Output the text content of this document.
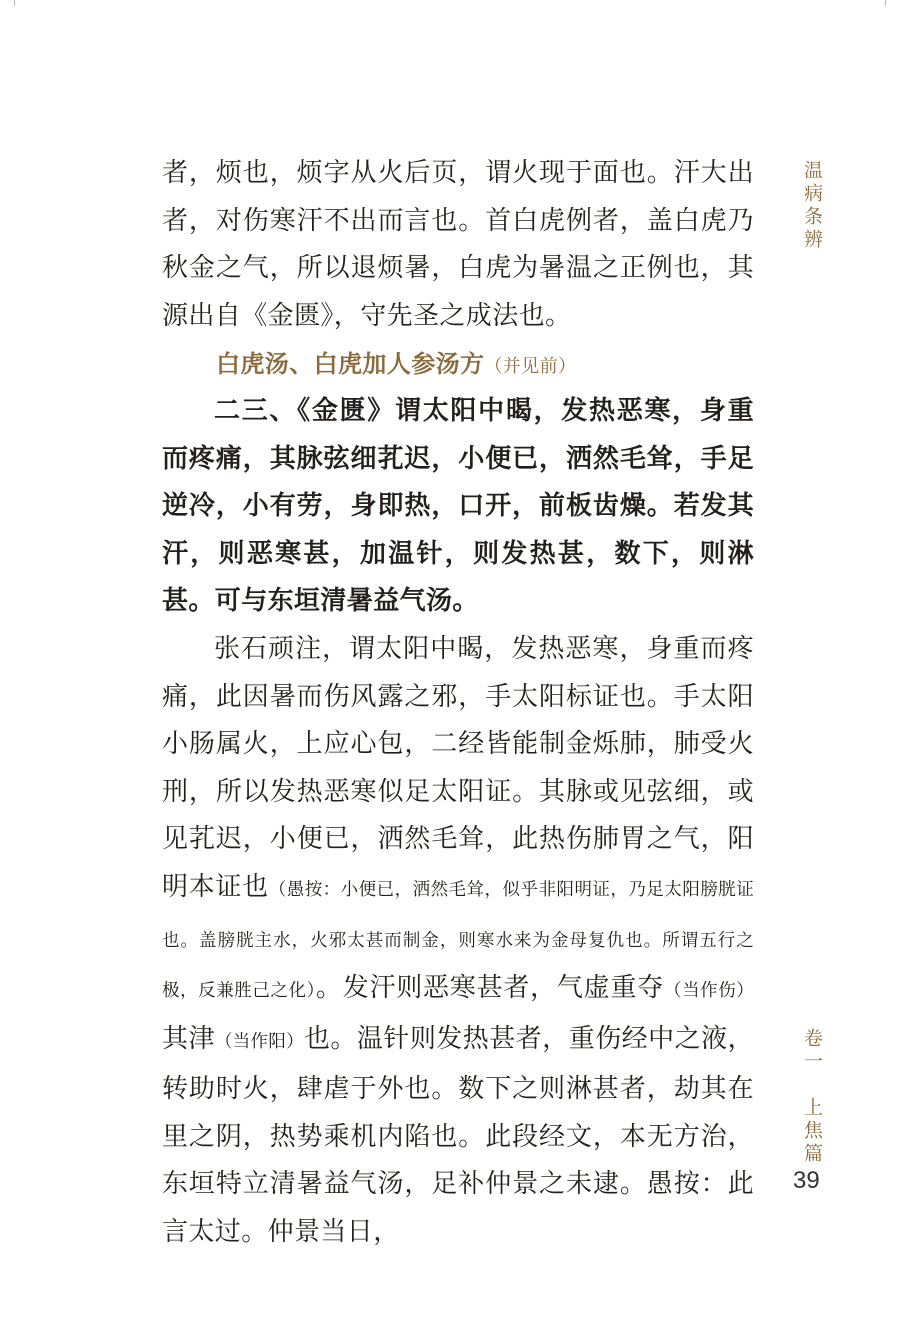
者，烦也，烦字从火后页，谓火现于面也。汗大出者，对伤寒汗不出而言也。首白虎例者，盖白虎乃秋金之气，所以退烦暑，白虎为暑温之正例也，其源出自《金匮》，守先圣之成法也。

白虎汤、白虎加人参汤方（并见前）

二三、《金匮》谓太阳中暍，发热恶寒，身重而疼痛，其脉弦细芤迟，小便已，洒然毛耸，手足逆冷，小有劳，身即热，口开，前板齿燥。若发其汗，则恶寒甚，加温针，则发热甚，数下，则淋甚。可与东垣清暑益气汤。

张石顽注，谓太阳中暍，发热恶寒，身重而疼痛，此因暑而伤风露之邪，手太阳标证也。手太阳小肠属火，上应心包，二经皆能制金烁肺，肺受火刑，所以发热恶寒似足太阳证。其脉或见弦细，或见芤迟，小便已，洒然毛耸，此热伤肺胃之气，阳明本证也（愚按：小便已，洒然毛耸，似乎非阳明证，乃足太阳膀胱证也。盖膀胱主水，火邪太甚而制金，则寒水来为金母复仇也。所谓五行之极，反兼胜己之化）。发汗则恶寒甚者，气虚重夺（当作伤）其津（当作阳）也。温针则发热甚者，重伤经中之液，转助时火，肆虐于外也。数下之则淋甚者，劫其在里之阴，热势乘机内陷也。此段经文，本无方治，东垣特立清暑益气汤，足补仲景之未逮。愚按：此言太过。仲景当日，

温病条辨
卷一　上焦篇
39
